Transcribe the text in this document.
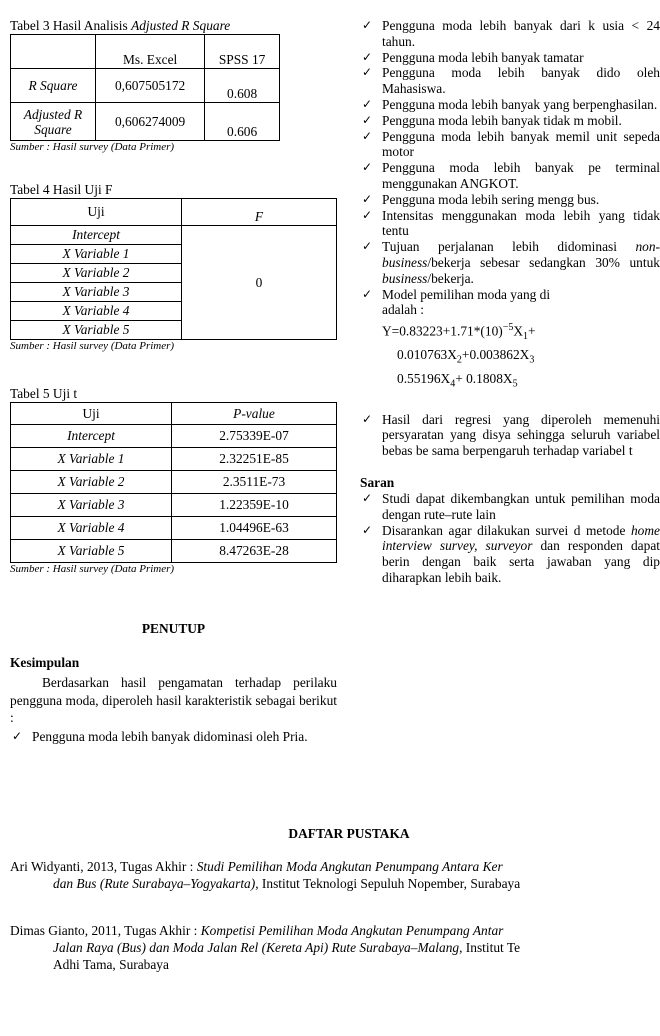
Tabel 3 Hasil Analisis Adjusted R Square

	Ms. Excel	SPSS 17
R Square	0,607505172	0.608
Adjusted R Square	0,606274009	0.606
Sumber : Hasil survey (Data Primer)

Tabel 4 Hasil Uji F

Uji	F
Intercept	0
X Variable 1	
X Variable 2	
X Variable 3	
X Variable 4	
X Variable 5	
Sumber : Hasil survey (Data Primer)

Tabel 5 Uji t

Uji	P-value
Intercept	2.75339E-07
X Variable 1	2.32251E-85
X Variable 2	2.3511E-73
X Variable 3	1.22359E-10
X Variable 4	1.04496E-63
X Variable 5	8.47263E-28
Sumber : Hasil survey (Data Primer)
PENUTUP
Kesimpulan

Berdasarkan hasil pengamatan terhadap perilaku pengguna moda, diperoleh hasil karakteristik sebagai berikut :

✓ Pengguna moda lebih banyak didominasi oleh Pria.
✓ Pengguna moda lebih banyak dari k usia < 24 tahun.
✓ Pengguna moda lebih banyak tamatar
✓ Pengguna moda lebih banyak dido oleh Mahasiswa.
✓ Pengguna moda lebih banyak yang berpenghasilan.
✓ Pengguna moda lebih banyak tidak m mobil.
✓ Pengguna moda lebih banyak memil unit sepeda motor
✓ Pengguna moda lebih banyak pe terminal menggunakan ANGKOT.
✓ Pengguna moda lebih sering mengg bus.
✓ Intensitas menggunakan moda lebih yang tidak tentu
✓ Tujuan perjalanan lebih didominasi non-business/bekerja sebesar sedangkan 30% untuk business/bekerja.
✓ Model pemilihan moda yang di
adalah :
$Y=0.83223+1.71*(10)^{-5}X_1+$
$0.010763X_2+0.003862X_3$
$0.55196X_4+ 0.1808X_5$
✓ Hasil dari regresi yang diperoleh memenuhi persyaratan yang disya sehingga seluruh variabel bebas be sama berpengaruh terhadap variabel t
Saran
✓ Studi dapat dikembangkan untuk pemilihan moda dengan rute–rute lain
✓ Disarankan agar dilakukan survei d metode home interview survey, surveyor dan responden dapat berin dengan baik serta jawaban yang dip diharapkan lebih baik.
DAFTAR PUSTAKA
Ari Widyanti, 2013, Tugas Akhir : Studi Pemilihan Moda Angkutan Penumpang Antara Ker
dan Bus (Rute Surabaya–Yogyakarta), Institut Teknologi Sepuluh Nopember, Surabaya
Dimas Gianto, 2011, Tugas Akhir : Kompetisi Pemilihan Moda Angkutan Penumpang Antar
Jalan Raya (Bus) dan Moda Jalan Rel (Kereta Api) Rute Surabaya–Malang, Institut Te
Adhi Tama, Surabaya
